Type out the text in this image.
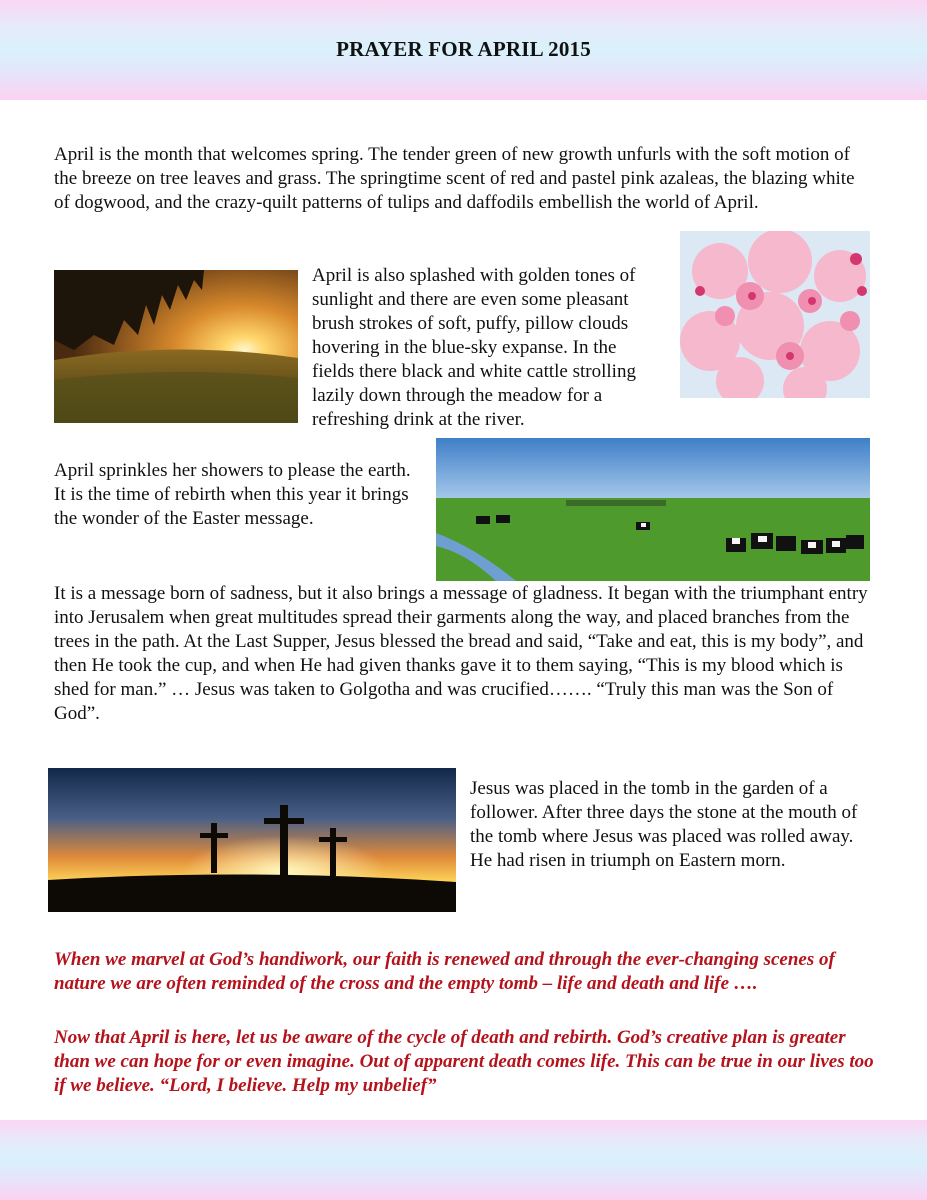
PRAYER FOR APRIL 2015

April is the month that welcomes spring. The tender green of new growth unfurls with the soft motion of the breeze on tree leaves and grass. The springtime scent of red and pastel pink azaleas, the blazing white of dogwood, and the crazy-quilt patterns of tulips and daffodils embellish the world of April.

April is also splashed with golden tones of sunlight and there are even some pleasant brush strokes of soft, puffy, pillow clouds hovering in the blue-sky expanse. In the fields there black and white cattle strolling lazily down through the meadow for a refreshing drink at the river.

April sprinkles her showers to please the earth. It is the time of rebirth when this year it brings the wonder of the Easter message.

It is a message born of sadness, but it also brings a message of gladness. It began with the triumphant entry into Jerusalem when great multitudes spread their garments along the way, and placed branches from the trees in the path. At the Last Supper, Jesus blessed the bread and said, “Take and eat, this is my body”, and then He took the cup, and when He had given thanks gave it to them saying, “This is my blood which is shed for man.” … Jesus was taken to Golgotha and was crucified……. “Truly this man was the Son of God”.

Jesus was placed in the tomb in the garden of a follower. After three days the stone at the mouth of the tomb where Jesus was placed was rolled away. He had risen in triumph on Eastern morn.

When we marvel at God’s handiwork, our faith is renewed and through the ever-changing scenes of nature we are often reminded of the cross and the empty tomb – life and death and life ….

Now that April is here, let us be aware of the cycle of death and rebirth. God’s creative plan is greater than we can hope for or even imagine. Out of apparent death comes life. This can be true in our lives too if we believe. “Lord, I believe. Help my unbelief”
